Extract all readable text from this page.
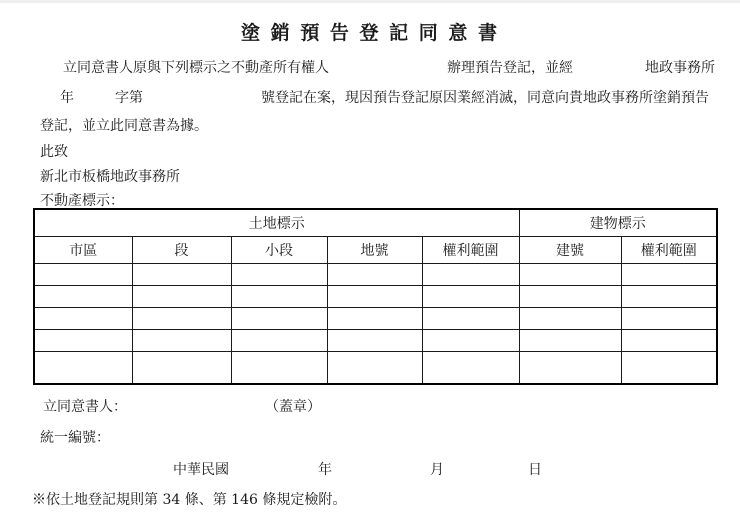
塗 銷 預 告 登 記 同 意 書
立同意書人原與下列標示之不動產所有權人	辦理預告登記，並經	地政事務所
年	字第	號登記在案，現因預告登記原因業經消滅，同意向貴地政事務所塗銷預告
登記，並立此同意書為據。
此致
新北市板橋地政事務所
不動產標示：
土地標示					建物標示	
市區	段	小段	地號	權利範圍	建號	權利範圍

立同意書人：	（蓋章）
統一編號：
中華民國	年	月	日
※依土地登記規則第 34 條、第 146 條規定檢附。
